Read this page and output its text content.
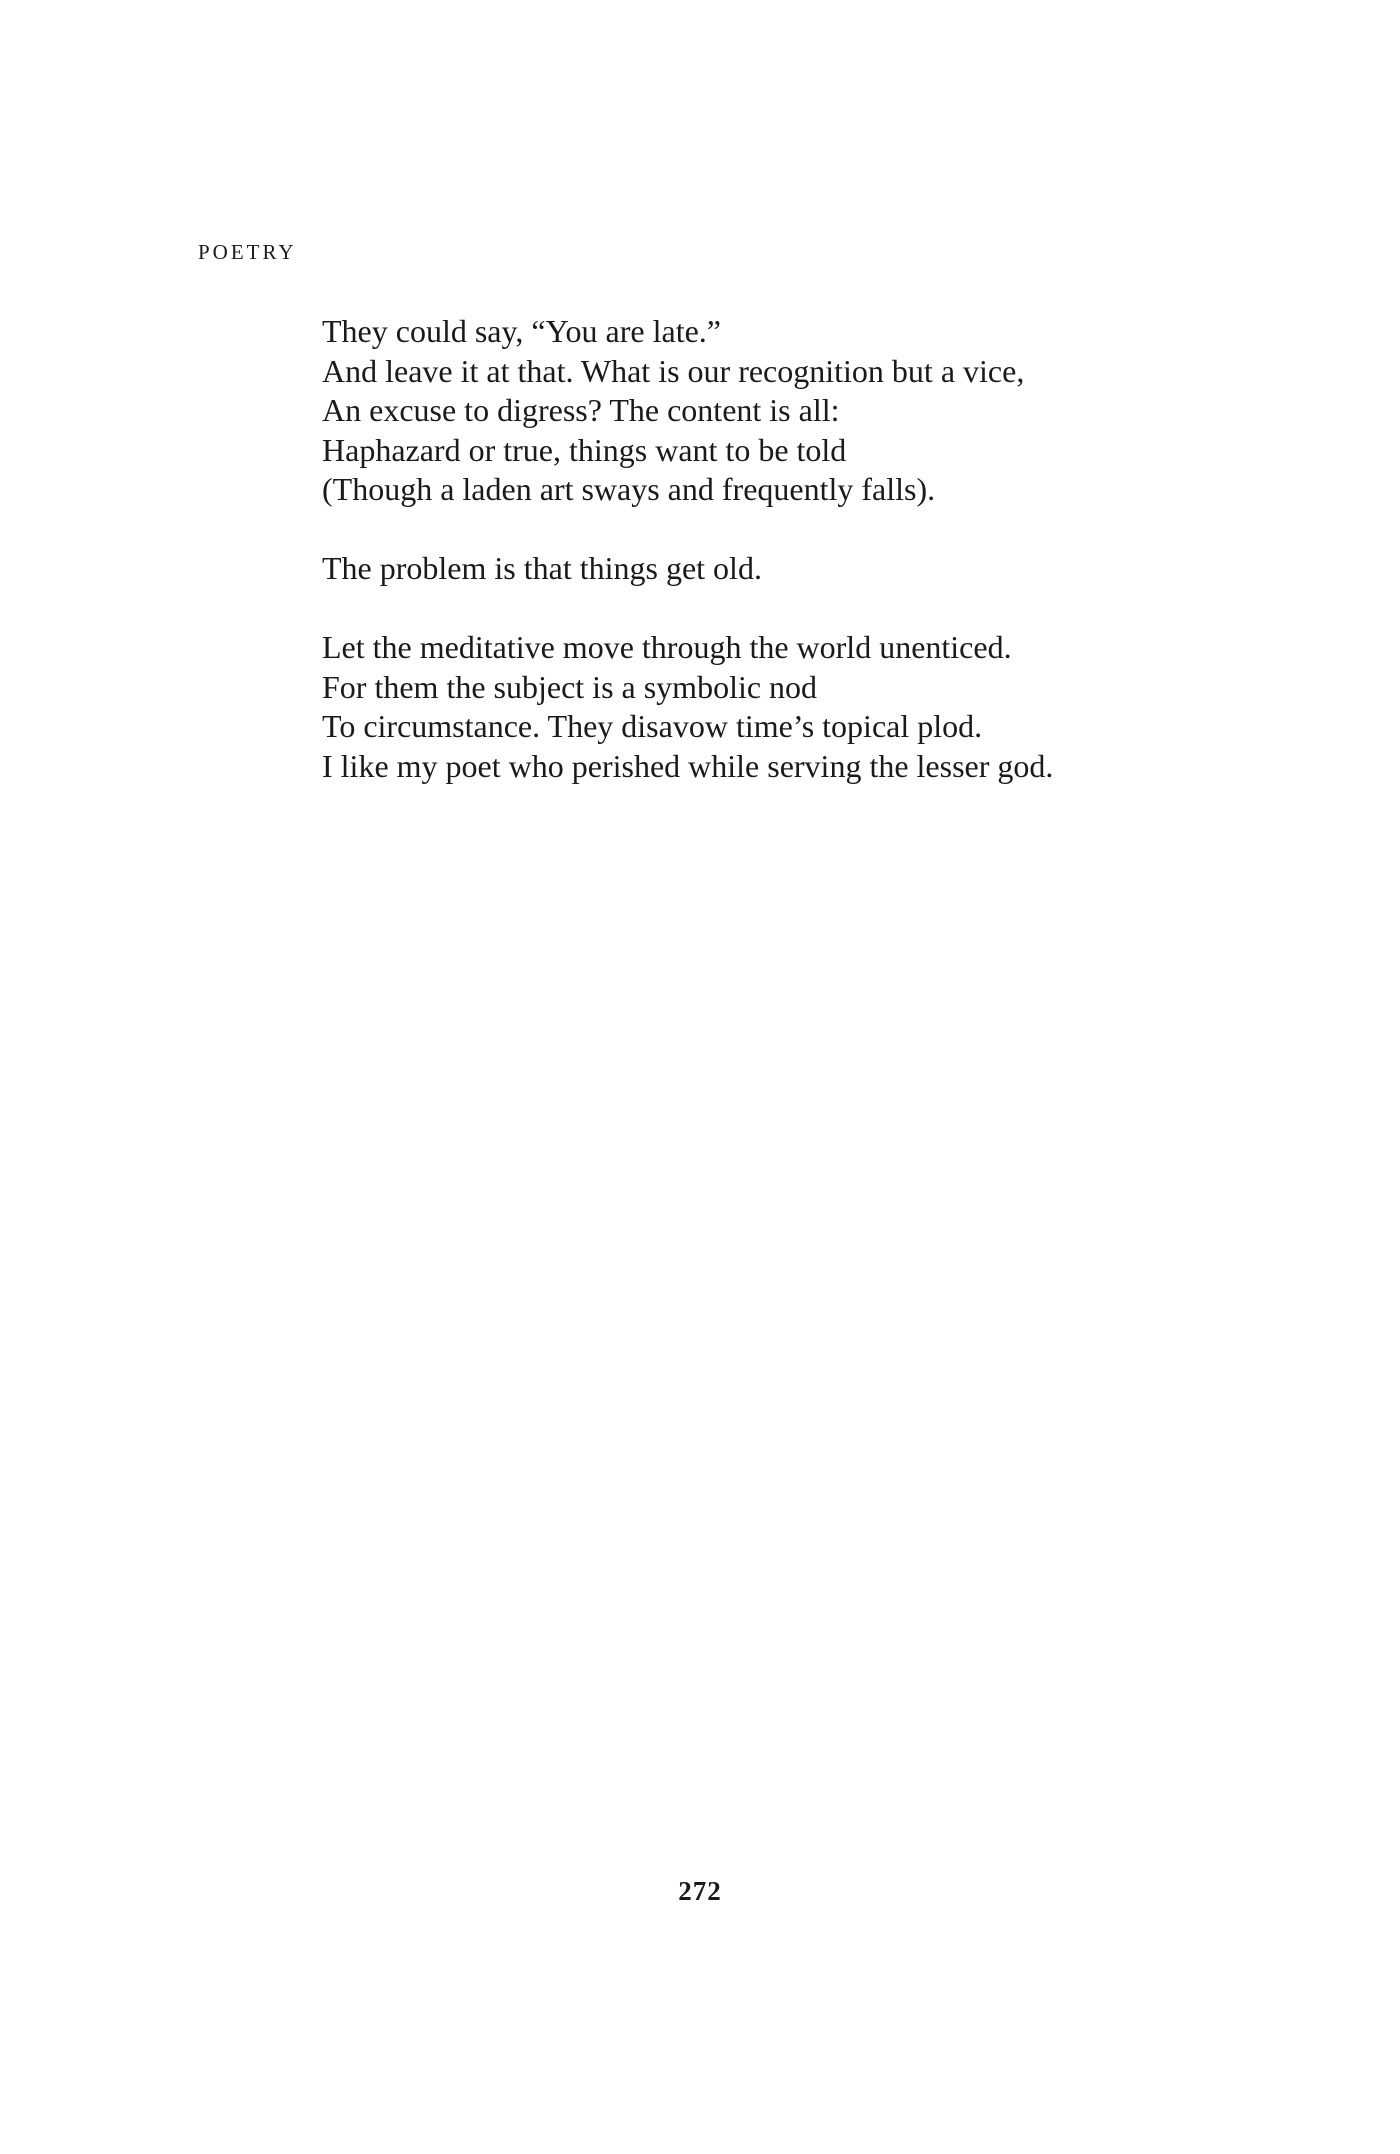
POETRY

They could say, “You are late.”
And leave it at that. What is our recognition but a vice,
An excuse to digress? The content is all:
Haphazard or true, things want to be told
(Though a laden art sways and frequently falls).

The problem is that things get old.

Let the meditative move through the world unenticed.
For them the subject is a symbolic nod
To circumstance. They disavow time’s topical plod.
I like my poet who perished while serving the lesser god.

272
